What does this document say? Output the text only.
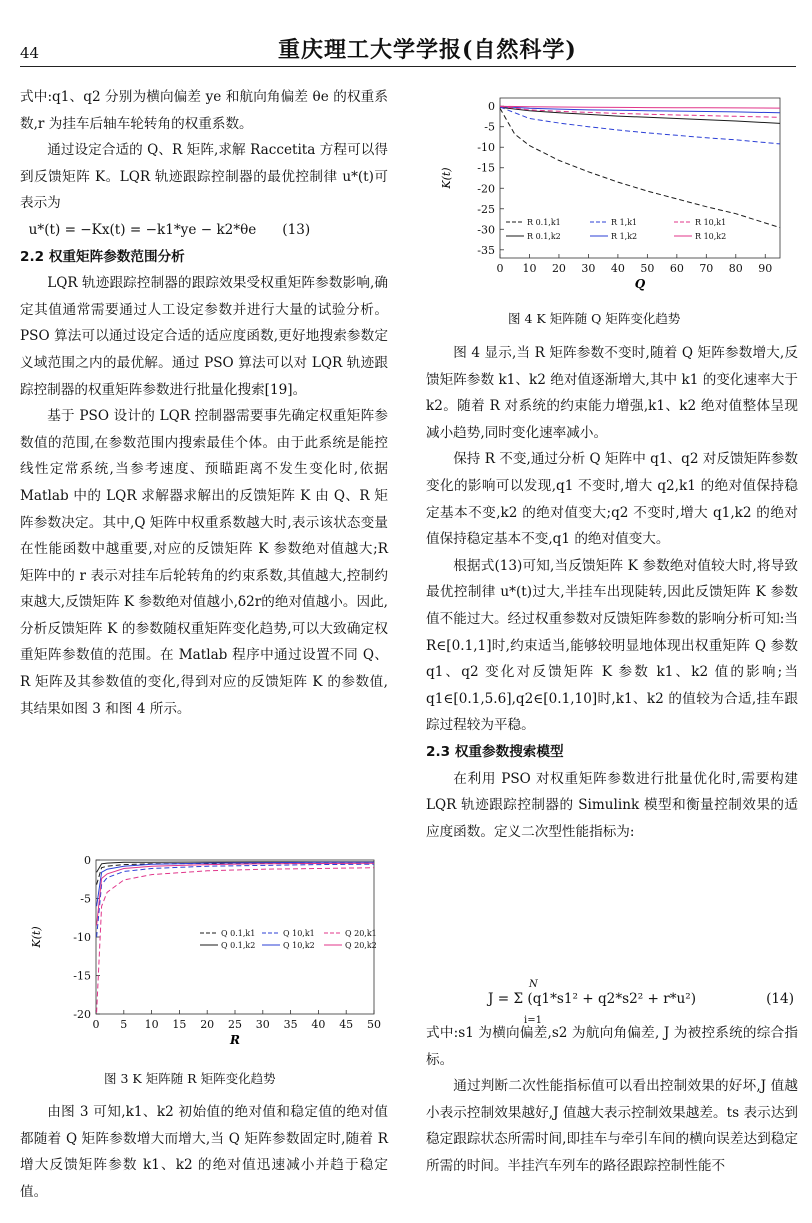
44	重庆理工大学学报(自然科学)

式中:q1、q2 分别为横向偏差 ye 和航向角偏差 θe 的权重系数,r 为挂车后轴车轮转角的权重系数。

通过设定合适的 Q、R 矩阵,求解 Raccetita 方程可以得到反馈矩阵 K。LQR 轨迹跟踪控制器的最优控制律 u*(t)可表示为

u*(t) = −Kx(t) = −k1*ye − k2*θe      (13)

2.2 权重矩阵参数范围分析

LQR 轨迹跟踪控制器的跟踪效果受权重矩阵参数影响,确定其值通常需要通过人工设定参数并进行大量的试验分析。PSO 算法可以通过设定合适的适应度函数,更好地搜索参数定义域范围之内的最优解。通过 PSO 算法可以对 LQR 轨迹跟踪控制器的权重矩阵参数进行批量化搜索[19]。

基于 PSO 设计的 LQR 控制器需要事先确定权重矩阵参数值的范围,在参数范围内搜索最佳个体。由于此系统是能控线性定常系统,当参考速度、预瞄距离不发生变化时,依据 Matlab 中的 LQR 求解器求解出的反馈矩阵 K 由 Q、R 矩阵参数决定。其中,Q 矩阵中权重系数越大时,表示该状态变量在性能函数中越重要,对应的反馈矩阵 K 参数绝对值越大;R 矩阵中的 r 表示对挂车后轮转角的约束系数,其值越大,控制约束越大,反馈矩阵 K 参数绝对值越小,δ2r的绝对值越小。因此,分析反馈矩阵 K 的参数随权重矩阵变化趋势,可以大致确定权重矩阵参数值的范围。在 Matlab 程序中通过设置不同 Q、R 矩阵及其参数值的变化,得到对应的反馈矩阵 K 的参数值,其结果如图 3 和图 4 所示。

0 5 10 15 20 25 30 35 40 45 50
0
-5
-10
-15
-20
R
K(t)	Q 0.1,k1
Q 0.1,k2
Q 10,k1
Q 10,k2
Q 20,k1
Q 20,k2
图 3 K 矩阵随 R 矩阵变化趋势

由图 3 可知,k1、k2 初始值的绝对值和稳定值的绝对值都随着 Q 矩阵参数增大而增大,当 Q 矩阵参数固定时,随着 R 增大反馈矩阵参数 k1、k2 的绝对值迅速减小并趋于稳定值。

0 10 20 30 40 50 60 70 80 90
0
-5
-10
-15
-20
-25
-30
-35
Q
K(t)
R 0.1,k1
R 0.1,k2
R 1,k1
R 1,k2
R 10,k1
R 10,k2
图 4 K 矩阵随 Q 矩阵变化趋势

图 4 显示,当 R 矩阵参数不变时,随着 Q 矩阵参数增大,反馈矩阵参数 k1、k2 绝对值逐渐增大,其中 k1 的变化速率大于 k2。随着 R 对系统的约束能力增强,k1、k2 绝对值整体呈现减小趋势,同时变化速率减小。

保持 R 不变,通过分析 Q 矩阵中 q1、q2 对反馈矩阵参数变化的影响可以发现,q1 不变时,增大 q2,k1 的绝对值保持稳定基本不变,k2 的绝对值变大;q2 不变时,增大 q1,k2 的绝对值保持稳定基本不变,q1 的绝对值变大。

根据式(13)可知,当反馈矩阵 K 参数绝对值较大时,将导致最优控制律 u*(t)过大,半挂车出现陡转,因此反馈矩阵 K 参数值不能过大。经过权重参数对反馈矩阵参数的影响分析可知:当R∈[0.1,1]时,约束适当,能够较明显地体现出权重矩阵 Q 参数 q1、q2 变化对反馈矩阵 K 参数 k1、k2 值的影响;当 q1∈[0.1,5.6],q2∈[0.1,10]时,k1、k2 的值较为合适,挂车跟踪过程较为平稳。

2.3 权重参数搜索模型

在利用 PSO 对权重矩阵参数进行批量优化时,需要构建 LQR 轨迹跟踪控制器的 Simulink 模型和衡量控制效果的适应度函数。定义二次型性能指标为:

N
J = Σ (q1*s1² + q2*s2² + r*u²)
i=1
(14)

式中:s1 为横向偏差,s2 为航向角偏差, J 为被控系统的综合指标。

通过判断二次性能指标值可以看出控制效果的好坏,J 值越小表示控制效果越好,J 值越大表示控制效果越差。ts 表示达到稳定跟踪状态所需时间,即挂车与牵引车间的横向误差达到稳定所需的时间。半挂汽车列车的路径跟踪控制性能不
